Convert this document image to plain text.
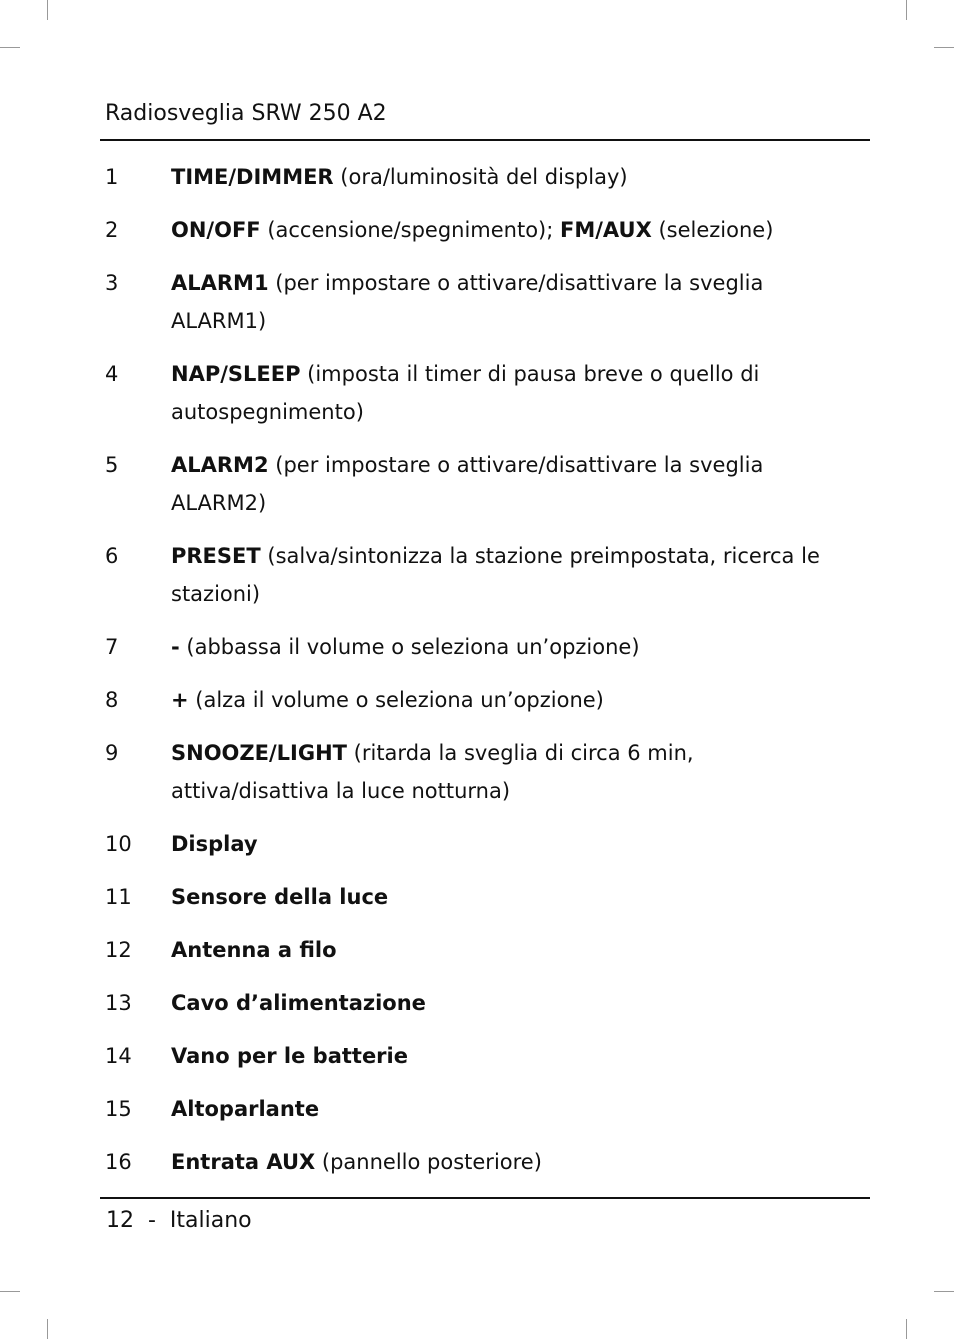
Radiosveglia SRW 250 A2
1	TIME/DIMMER (ora/luminosità del display)
2	ON/OFF (accensione/spegnimento); FM/AUX (selezione)
3	ALARM1 (per impostare o attivare/disattivare la sveglia ALARM1)
4	NAP/SLEEP (imposta il timer di pausa breve o quello di autospegnimento)
5	ALARM2 (per impostare o attivare/disattivare la sveglia ALARM2)
6	PRESET (salva/sintonizza la stazione preimpostata, ricerca le stazioni)
7	- (abbassa il volume o seleziona un’opzione)
8	+ (alza il volume o seleziona un’opzione)
9	SNOOZE/LIGHT (ritarda la sveglia di circa 6 min, attiva/disattiva la luce notturna)
10	Display
11	Sensore della luce
12	Antenna a filo
13	Cavo d’alimentazione
14	Vano per le batterie
15	Altoparlante
16	Entrata AUX (pannello posteriore)
12  -  Italiano
